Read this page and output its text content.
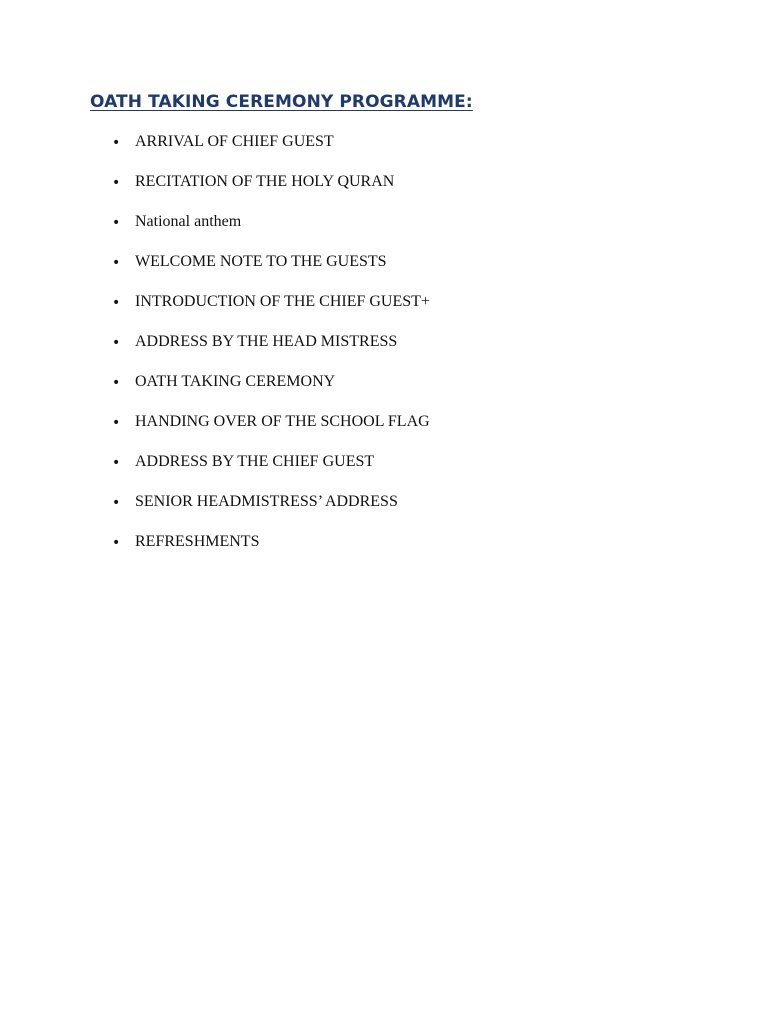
OATH TAKING CEREMONY PROGRAMME:
• ARRIVAL OF CHIEF GUEST
• RECITATION OF THE HOLY QURAN
• National anthem
• WELCOME NOTE TO THE GUESTS
• INTRODUCTION OF THE CHIEF GUEST+
• ADDRESS BY THE HEAD MISTRESS
• OATH TAKING CEREMONY
• HANDING OVER OF THE SCHOOL FLAG
• ADDRESS BY THE CHIEF GUEST
• SENIOR HEADMISTRESS’ ADDRESS
• REFRESHMENTS
